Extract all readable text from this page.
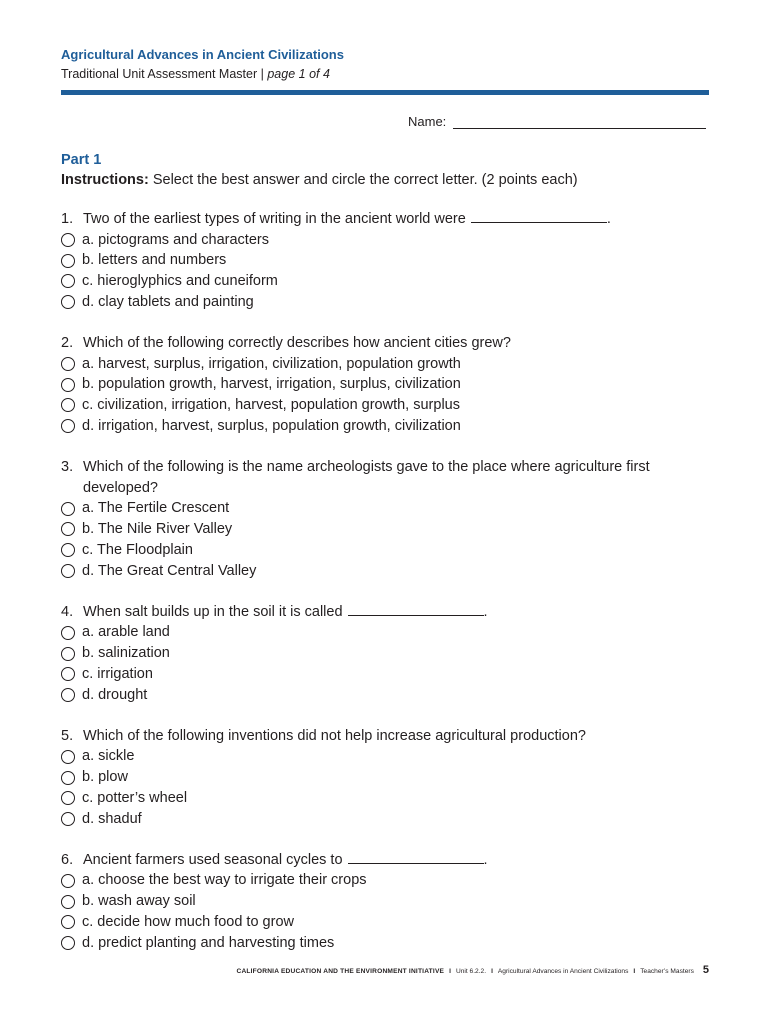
Agricultural Advances in Ancient Civilizations
Traditional Unit Assessment Master | page 1 of 4
Name:
Part 1
Instructions: Select the best answer and circle the correct letter. (2 points each)
1. Two of the earliest types of writing in the ancient world were	.
a. pictograms and characters
b. letters and numbers
c. hieroglyphics and cuneiform
d. clay tablets and painting
2. Which of the following correctly describes how ancient cities grew?
a. harvest, surplus, irrigation, civilization, population growth
b. population growth, harvest, irrigation, surplus, civilization
c. civilization, irrigation, harvest, population growth, surplus
d. irrigation, harvest, surplus, population growth, civilization
3. Which of the following is the name archeologists gave to the place where agriculture first developed?
a. The Fertile Crescent
b. The Nile River Valley
c. The Floodplain
d. The Great Central Valley
4. When salt builds up in the soil it is called	.
a. arable land
b. salinization
c. irrigation
d. drought
5. Which of the following inventions did not help increase agricultural production?
a. sickle
b. plow
c. potter’s wheel
d. shaduf
6. Ancient farmers used seasonal cycles to	.
a. choose the best way to irrigate their crops
b. wash away soil
c. decide how much food to grow
d. predict planting and harvesting times
CALIFORNIA EDUCATION AND THE ENVIRONMENT INITIATIVE I Unit 6.2.2. I Agricultural Advances in Ancient Civilizations I Teacher’s Masters 5
